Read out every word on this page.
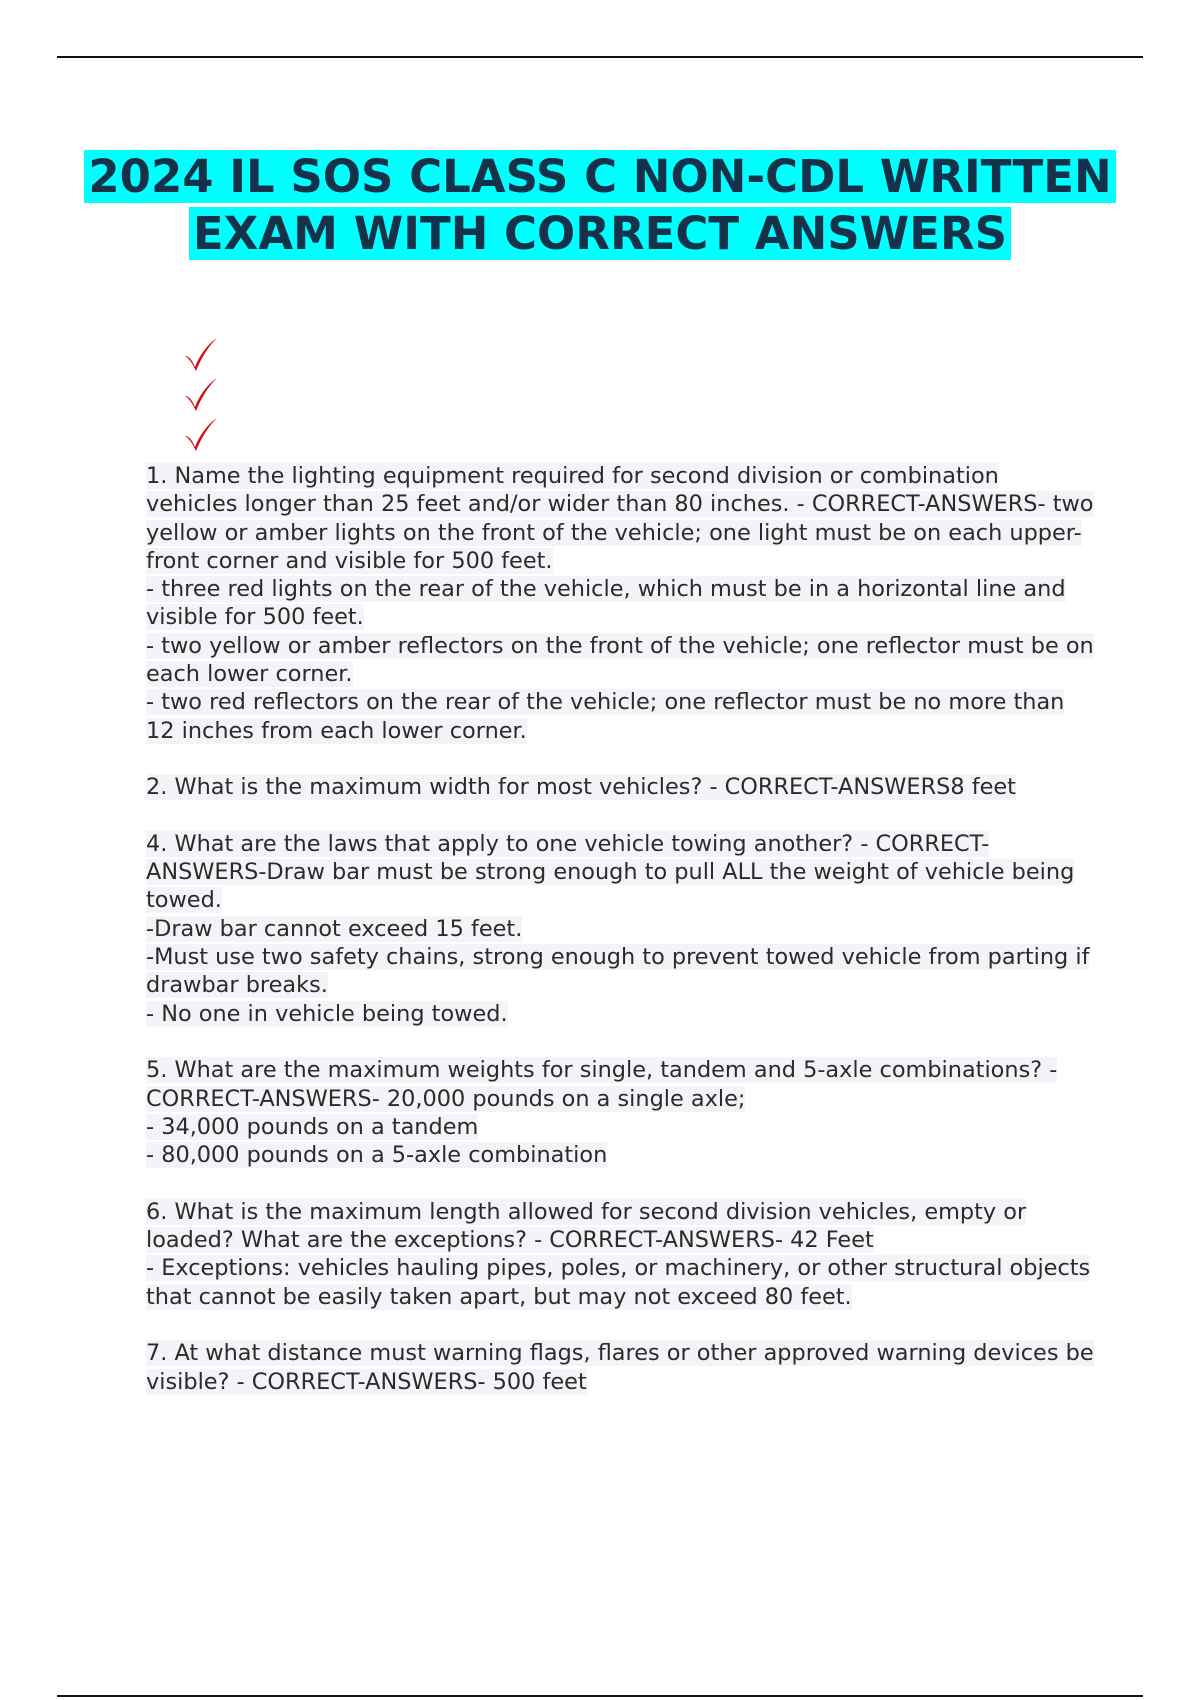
2024 IL SOS CLASS C NON-CDL WRITTEN EXAM WITH CORRECT ANSWERS

1. Name the lighting equipment required for second division or combination vehicles longer than 25 feet and/or wider than 80 inches. - CORRECT-ANSWERS- two yellow or amber lights on the front of the vehicle; one light must be on each upper-front corner and visible for 500 feet.

- three red lights on the rear of the vehicle, which must be in a horizontal line and visible for 500 feet.

- two yellow or amber reflectors on the front of the vehicle; one reflector must be on each lower corner.

- two red reflectors on the rear of the vehicle; one reflector must be no more than 12 inches from each lower corner.

2. What is the maximum width for most vehicles? - CORRECT-ANSWERS8 feet

4. What are the laws that apply to one vehicle towing another? - CORRECT-ANSWERS-Draw bar must be strong enough to pull ALL the weight of vehicle being towed.

-Draw bar cannot exceed 15 feet.

-Must use two safety chains, strong enough to prevent towed vehicle from parting if drawbar breaks.

- No one in vehicle being towed.

5. What are the maximum weights for single, tandem and 5-axle combinations? - CORRECT-ANSWERS- 20,000 pounds on a single axle;

- 34,000 pounds on a tandem

- 80,000 pounds on a 5-axle combination

6. What is the maximum length allowed for second division vehicles, empty or loaded? What are the exceptions? - CORRECT-ANSWERS- 42 Feet

- Exceptions: vehicles hauling pipes, poles, or machinery, or other structural objects that cannot be easily taken apart, but may not exceed 80 feet.

7. At what distance must warning flags, flares or other approved warning devices be visible? - CORRECT-ANSWERS- 500 feet
